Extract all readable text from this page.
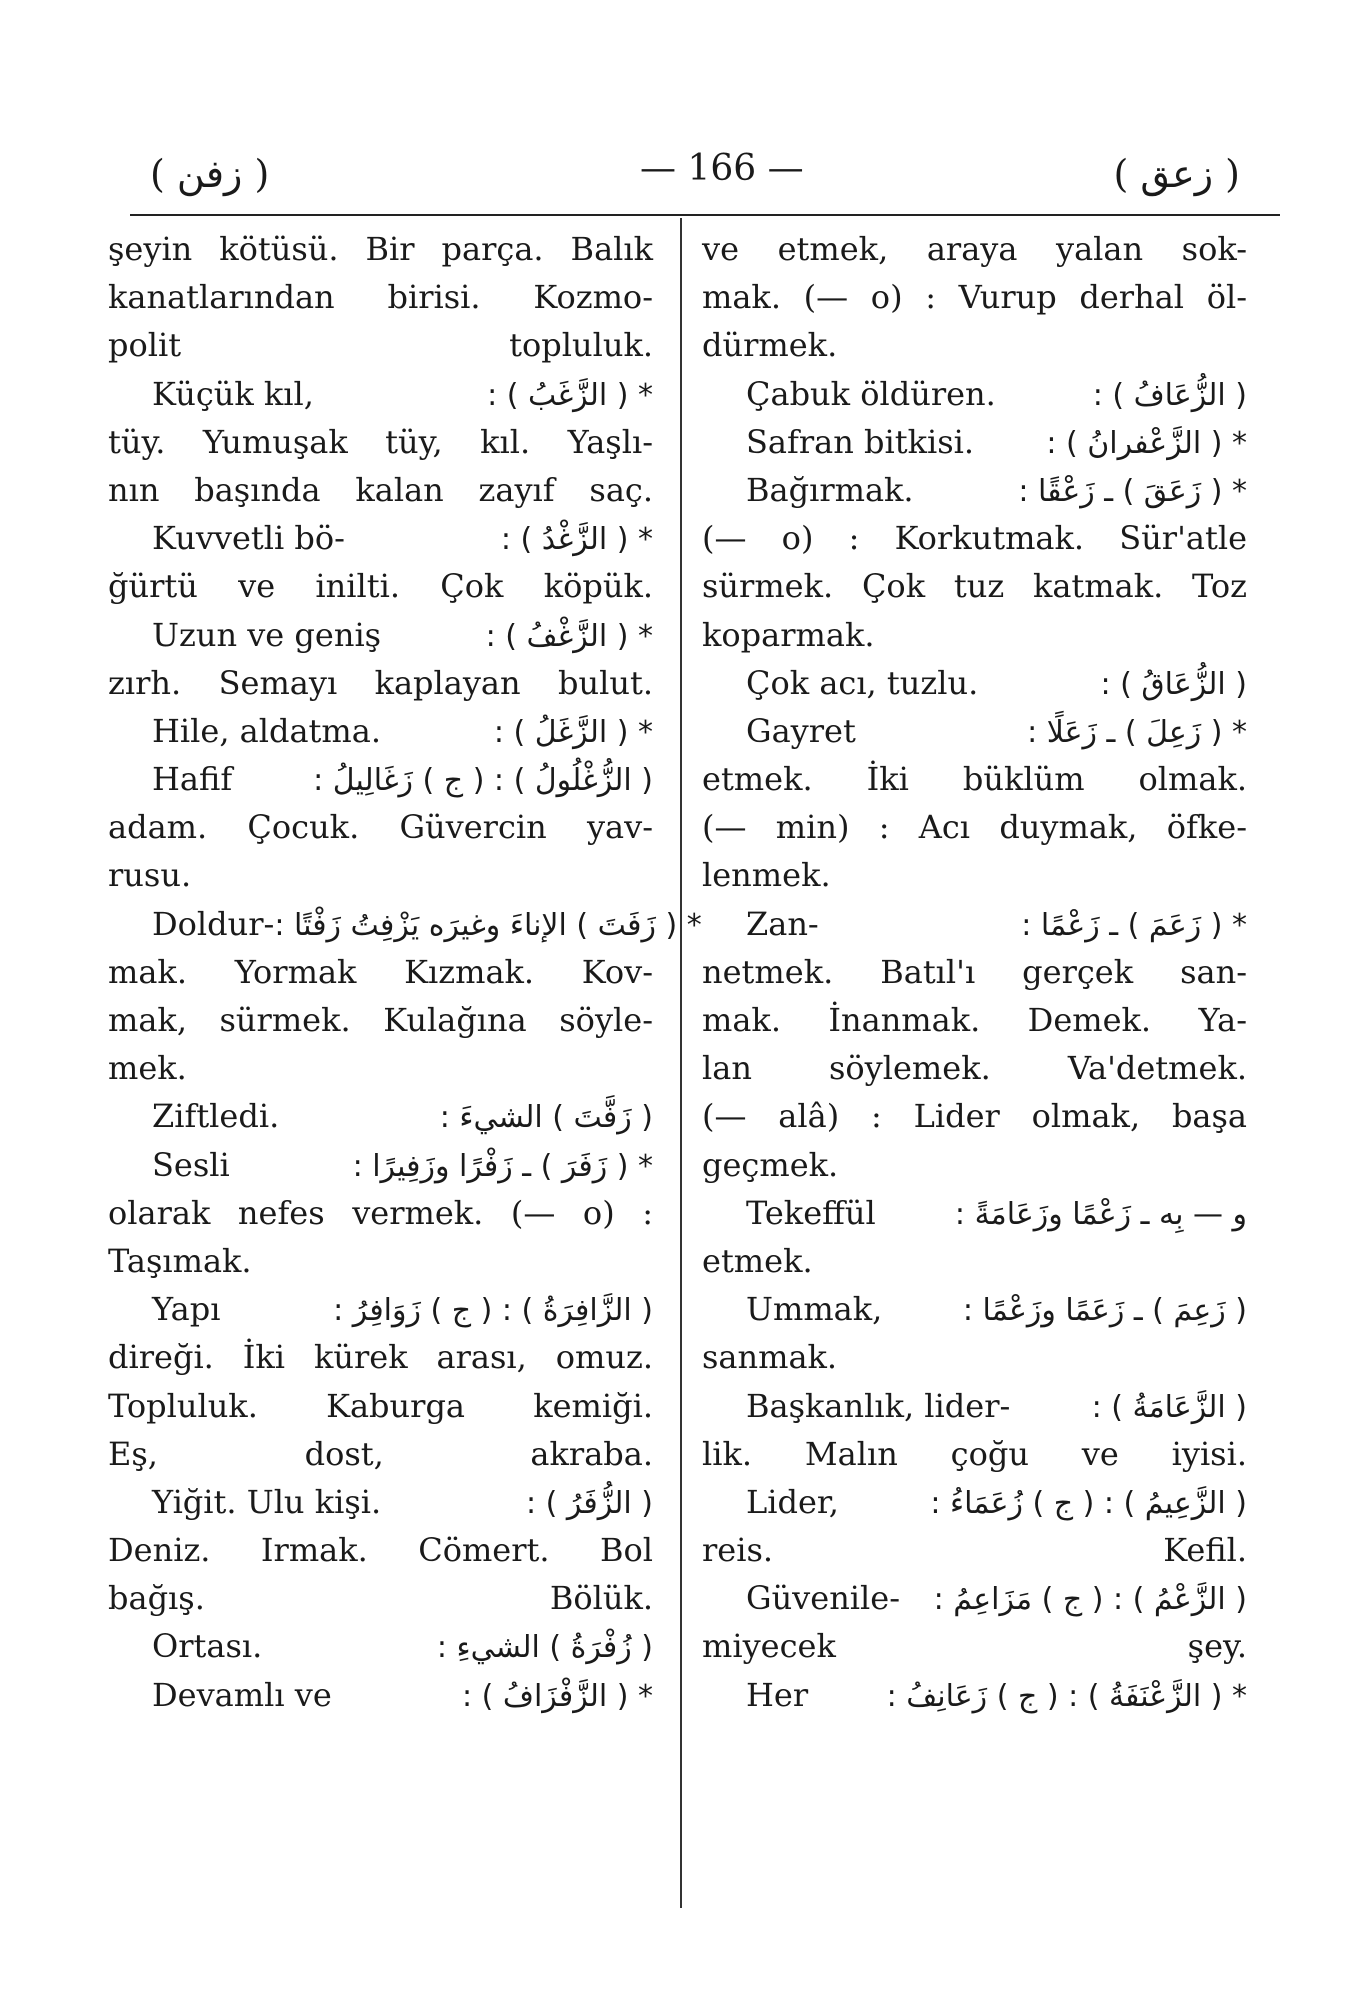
( زفن )	— 166 —	( زعق )
şeyin kötüsü. Bir parça. Balık
kanatlarından birisi. Kozmo-
polit topluluk.
Küçük kıl,	* ( الزَّغَبُ ) :
tüy. Yumuşak tüy, kıl. Yaşlı-
nın başında kalan zayıf saç.
Kuvvetli bö-	* ( الزَّغْدُ ) :
ğürtü ve inilti. Çok köpük.
Uzun ve geniş	* ( الزَّغْفُ ) :
zırh. Semayı kaplayan bulut.
Hile, aldatma.	* ( الزَّغَلُ ) :
Hafif	( الزُّغْلُولُ ) : ( ج ) زَغَالِيلُ :
adam. Çocuk. Güvercin yav-
rusu.
Doldur- * ( زَفَتَ ) الإناءَ وغيرَه يَزْفِتُ زَفْتًا :
mak. Yormak Kızmak. Kov-
mak, sürmek. Kulağına söyle-
mek.
Ziftledi.	( زَفَّتَ ) الشيءَ :
Sesli	* ( زَفَرَ ) ـ زَفْرًا وزَفِيرًا :
olarak nefes vermek. (— o) :
Taşımak.
Yapı	( الزَّافِرَةُ ) : ( ج ) زَوَافِرُ :
direği. İki kürek arası, omuz.
Topluluk. Kaburga kemiği.
Eş, dost, akraba.
Yiğit. Ulu kişi.	( الزُّفَرُ ) :
Deniz. Irmak. Cömert. Bol
bağış. Bölük.
Ortası.	( زُفْرَةُ ) الشيءِ :
Devamlı ve	* ( الزَّفْزَافُ ) :
ve etmek, araya yalan sok-
mak. (— o) : Vurup derhal öl-
dürmek.
Çabuk öldüren.	( الزُّعَافُ ) :
Safran bitkisi. * ( الزَّعْفرانُ ) :
Bağırmak.	* ( زَعَقَ ) ـ زَعْقًا :
(— o) : Korkutmak. Sür'atle
sürmek. Çok tuz katmak. Toz
koparmak.
Çok acı, tuzlu.	( الزُّعَاقُ ) :
Gayret	* ( زَعِلَ ) ـ زَعَلًا :
etmek. İki büklüm olmak.
(— min) : Acı duymak, öfke-
lenmek.
Zan-	* ( زَعَمَ ) ـ زَعْمًا :
netmek. Batıl'ı gerçek san-
mak. İnanmak. Demek. Ya-
lan söylemek. Va'detmek.
(— alâ) : Lider olmak, başa
geçmek.
Tekeffül	و — بِه ـ زَعْمًا وزَعَامَةً :
etmek.
Ummak,	( زَعِمَ ) ـ زَعَمًا وزَعْمًا :
sanmak.
Başkanlık, lider-	( الزَّعَامَةُ ) :
lik. Malın çoğu ve iyisi.
Lider,	( الزَّعِيمُ ) : ( ج ) زُعَمَاءُ :
reis. Kefil.
Güvenile- ( الزَّعْمُ ) : ( ج ) مَزَاعِمُ :
miyecek şey.
Her	* ( الزَّعْنَفَةُ ) : ( ج ) زَعَانِفُ :
